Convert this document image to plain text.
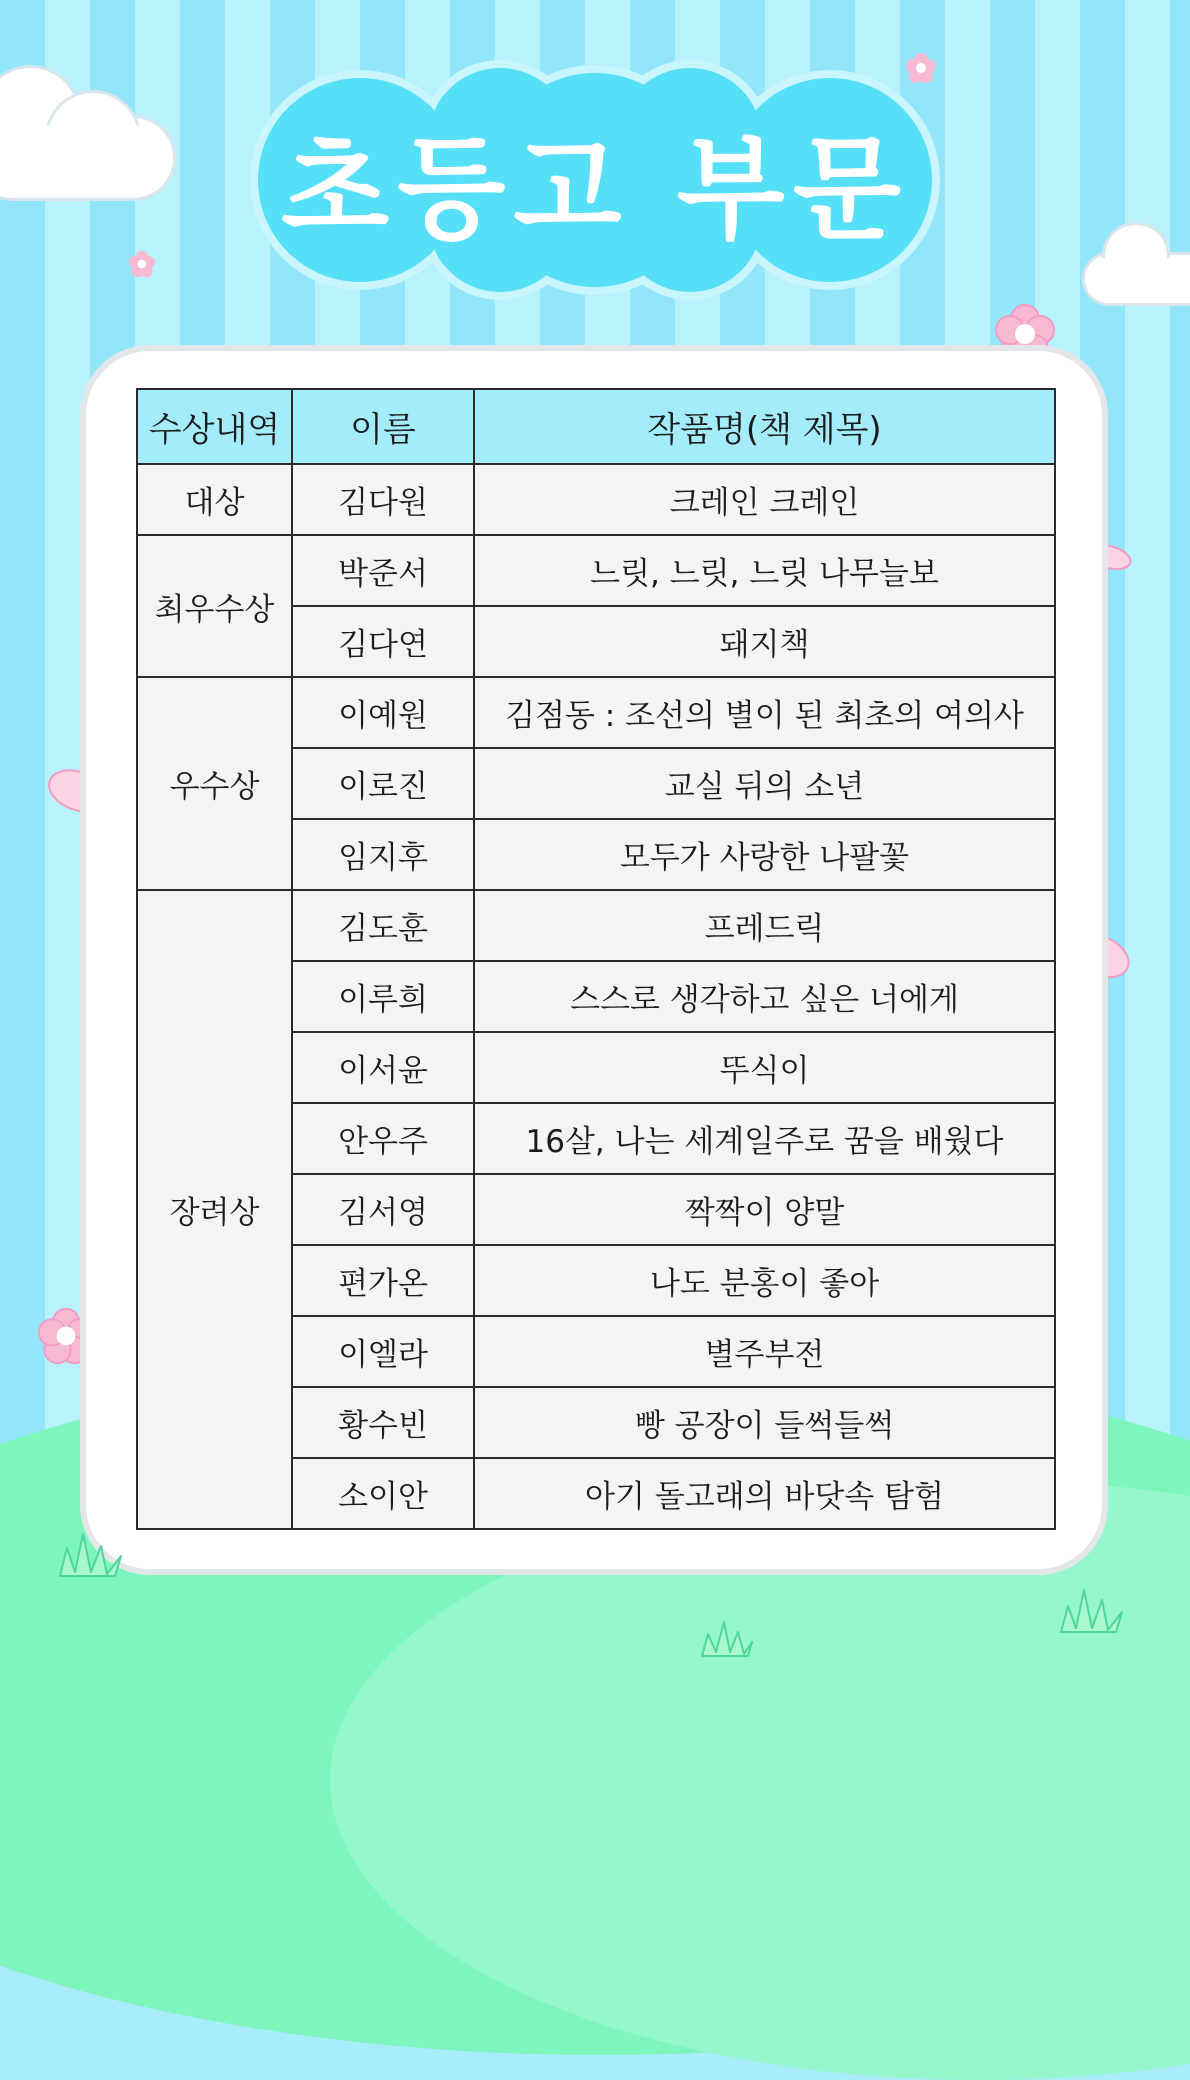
초등고 부문
수상내역	이름	작품명(책 제목)
대상	김다원	크레인 크레인
최우수상	박준서	느릿, 느릿, 느릿 나무늘보
	김다연	돼지책
우수상	이예원	김점동 : 조선의 별이 된 최초의 여의사
	이로진	교실 뒤의 소년
	임지후	모두가 사랑한 나팔꽃
장려상	김도훈	프레드릭
	이루희	스스로 생각하고 싶은 너에게
	이서윤	뚜식이
	안우주	16살, 나는 세계일주로 꿈을 배웠다
	김서영	짝짝이 양말
	편가온	나도 분홍이 좋아
	이엘라	별주부전
	황수빈	빵 공장이 들썩들썩
	소이안	아기 돌고래의 바닷속 탐험
